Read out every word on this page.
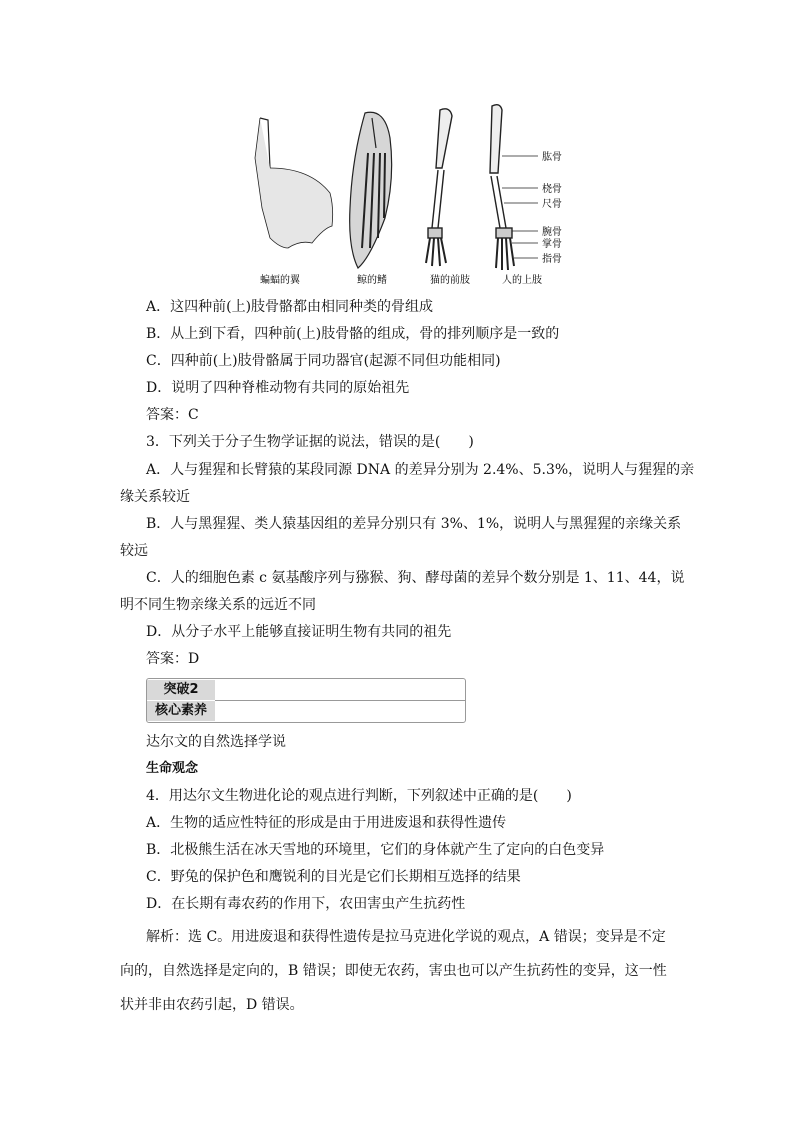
蝙蝠的翼	鲸的鳍	猫的前肢	人的上肢
肱骨
桡骨
尺骨
腕骨
掌骨
指骨
A．这四种前(上)肢骨骼都由相同种类的骨组成
B．从上到下看，四种前(上)肢骨骼的组成，骨的排列顺序是一致的
C．四种前(上)肢骨骼属于同功器官(起源不同但功能相同)
D．说明了四种脊椎动物有共同的原始祖先
答案：C
3．下列关于分子生物学证据的说法，错误的是(　　)
A．人与猩猩和长臂猿的某段同源 DNA 的差异分别为 2.4%、5.3%，说明人与猩猩的亲
缘关系较近
B．人与黑猩猩、类人猿基因组的差异分别只有 3%、1%，说明人与黑猩猩的亲缘关系
较远
C．人的细胞色素 c 氨基酸序列与猕猴、狗、酵母菌的差异个数分别是 1、11、44，说
明不同生物亲缘关系的远近不同
D．从分子水平上能够直接证明生物有共同的祖先
答案：D
突破2
核心素养
达尔文的自然选择学说
生命观念
4．用达尔文生物进化论的观点进行判断，下列叙述中正确的是(　　)
A．生物的适应性特征的形成是由于用进废退和获得性遗传
B．北极熊生活在冰天雪地的环境里，它们的身体就产生了定向的白色变异
C．野兔的保护色和鹰锐利的目光是它们长期相互选择的结果
D．在长期有毒农药的作用下，农田害虫产生抗药性
解析：选 C。用进废退和获得性遗传是拉马克进化学说的观点，A 错误；变异是不定
向的，自然选择是定向的，B 错误；即使无农药，害虫也可以产生抗药性的变异，这一性
状并非由农药引起，D 错误。
